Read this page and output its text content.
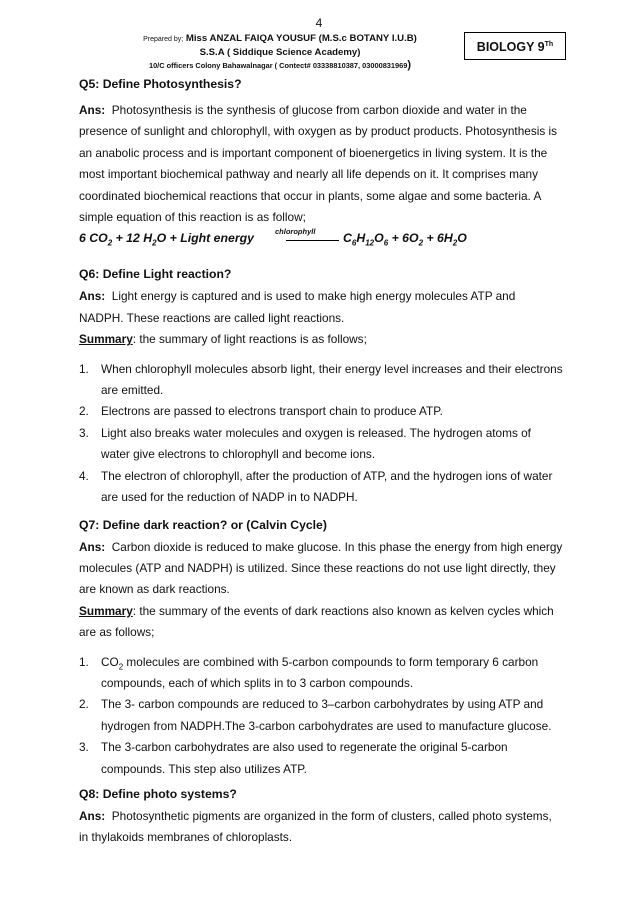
4
Prepared by; Miss ANZAL FAIQA YOUSUF (M.S.c BOTANY I.U.B)
S.S.A ( Siddique Science Academy)
10/C officers Colony Bahawalnagar ( Contect# 03338810387, 03000831969)
BIOLOGY 9Th

Q5: Define Photosynthesis?

Ans: Photosynthesis is the synthesis of glucose from carbon dioxide and water in the presence of sunlight and chlorophyll, with oxygen as by product products. Photosynthesis is an anabolic process and is important component of bioenergetics in living system. It is the most important biochemical pathway and nearly all life depends on it. It comprises many coordinated biochemical reactions that occur in plants, some algae and some bacteria. A simple equation of this reaction is as follow;

6 $CO_2 + 12$ $H_2O$ + Light energy	chlorophyll $C_6H_{12}O_6 + 6O_2 + 6H_2O$

Q6: Define Light reaction?

Ans: Light energy is captured and is used to make high energy molecules ATP and NADPH. These reactions are called light reactions.

Summary: the summary of light reactions is as follows;

1. When chlorophyll molecules absorb light, their energy level increases and their electrons are emitted.
2. Electrons are passed to electrons transport chain to produce ATP.
3. Light also breaks water molecules and oxygen is released. The hydrogen atoms of water give electrons to chlorophyll and become ions.
4. The electron of chlorophyll, after the production of ATP, and the hydrogen ions of water are used for the reduction of NADP in to NADPH.

Q7: Define dark reaction? or (Calvin Cycle)

Ans: Carbon dioxide is reduced to make glucose. In this phase the energy from high energy molecules (ATP and NADPH) is utilized. Since these reactions do not use light directly, they are known as dark reactions.

Summary: the summary of the events of dark reactions also known as kelven cycles which are as follows;

1. $CO_2$ molecules are combined with 5-carbon compounds to form temporary 6 carbon compounds, each of which splits in to 3 carbon compounds.
2. The 3- carbon compounds are reduced to 3–carbon carbohydrates by using ATP and hydrogen from NADPH.The 3-carbon carbohydrates are used to manufacture glucose.
3. The 3-carbon carbohydrates are also used to regenerate the original 5-carbon compounds. This step also utilizes ATP.

Q8: Define photo systems?

Ans: Photosynthetic pigments are organized in the form of clusters, called photo systems, in thylakoids membranes of chloroplasts.
